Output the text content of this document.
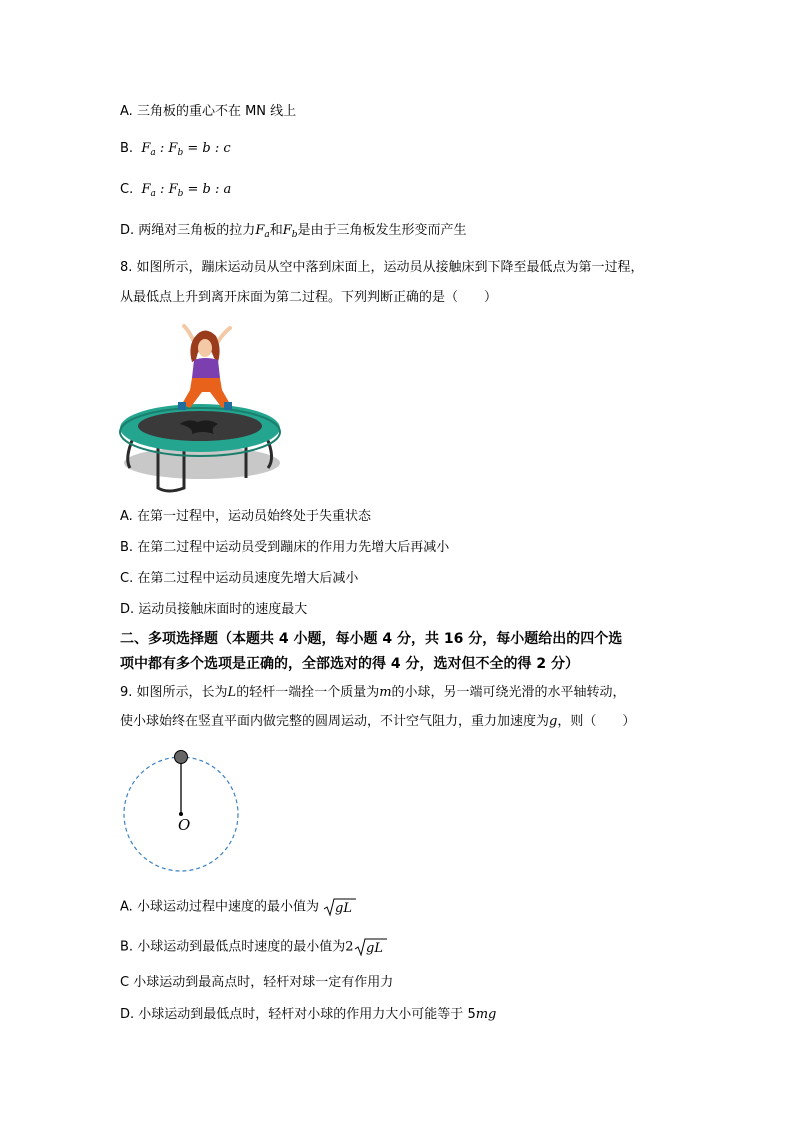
A. 三角板的重心不在 MN 线上
B. $F_a$ : $F_b = b$ : c
C. $F_a$ : $F_b = b$ : a
D. 两绳对三角板的拉力$F_a$和$F_b$是由于三角板发生形变而产生
8. 如图所示，蹦床运动员从空中落到床面上，运动员从接触床到下降至最低点为第一过程，
从最低点上升到离开床面为第二过程。下列判断正确的是（　　）
A. 在第一过程中，运动员始终处于失重状态
B. 在第二过程中运动员受到蹦床的作用力先增大后再减小
C. 在第二过程中运动员速度先增大后减小
D. 运动员接触床面时的速度最大
二、多项选择题（本题共 4 小题，每小题 4 分，共 16 分，每小题给出的四个选
项中都有多个选项是正确的，全部选对的得 4 分，选对但不全的得 2 分）
9. 如图所示，长为L的轻杆一端拴一个质量为m的小球，另一端可绕光滑的水平轴转动，
使小球始终在竖直平面内做完整的圆周运动，不计空气阻力，重力加速度为g，则（　　）
O
A. 小球运动过程中速度的最小值为 gL
B. 小球运动到最低点时速度的最小值为2 gL
C 小球运动到最高点时，轻杆对球一定有作用力
D. 小球运动到最低点时，轻杆对小球的作用力大小可能等于 5mg
